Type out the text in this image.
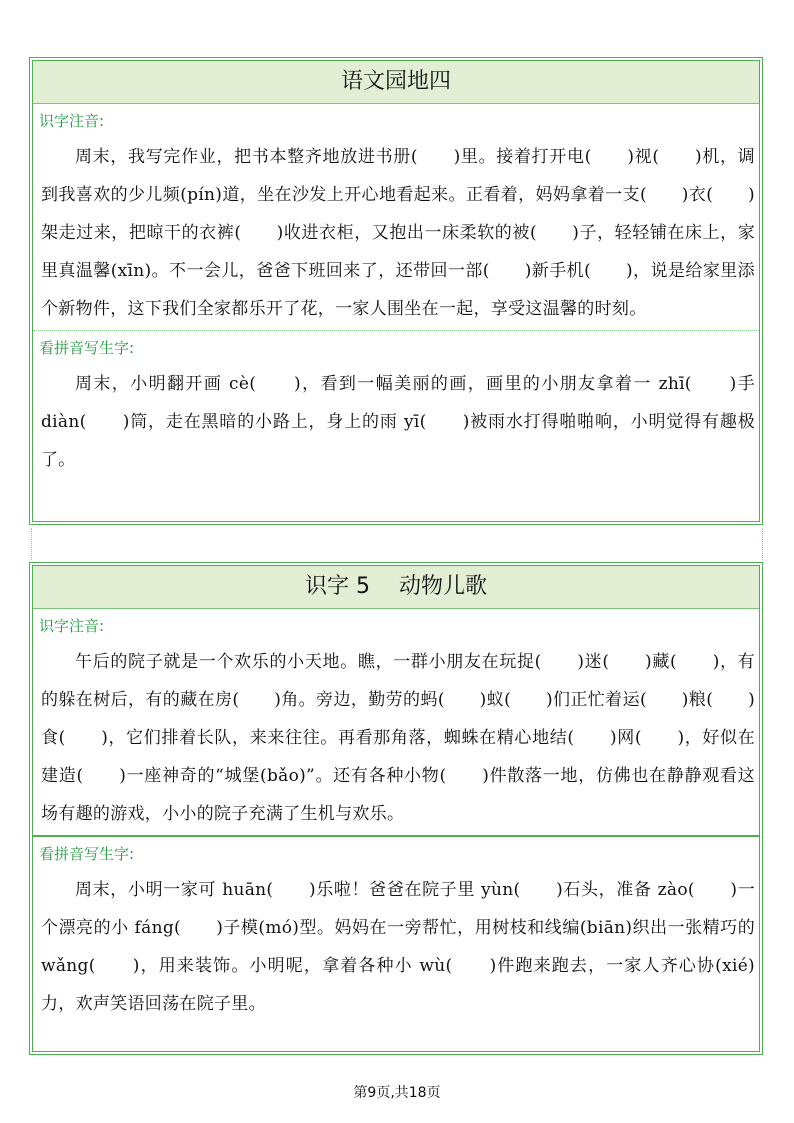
语文园地四
识字注音:
周末，我写完作业，把书本整齐地放进书册(　　)里。接着打开电(　　)视(　　)机，调到我喜欢的少儿频(pín)道，坐在沙发上开心地看起来。正看着，妈妈拿着一支(　　)衣(　　)架走过来，把晾干的衣裤(　　)收进衣柜，又抱出一床柔软的被(　　)子，轻轻铺在床上，家里真温馨(xīn)。不一会儿，爸爸下班回来了，还带回一部(　　)新手机(　　)，说是给家里添个新物件，这下我们全家都乐开了花，一家人围坐在一起，享受这温馨的时刻。
看拼音写生字:
周末，小明翻开画 cè(　　)，看到一幅美丽的画，画里的小朋友拿着一 zhī(　　)手 diàn(　　)筒，走在黑暗的小路上，身上的雨 yī(　　)被雨水打得啪啪响，小明觉得有趣极了。
识字 5　 动物儿歌
识字注音:
午后的院子就是一个欢乐的小天地。瞧，一群小朋友在玩捉(　　)迷(　　)藏(　　)，有的躲在树后，有的藏在房(　　)角。旁边，勤劳的蚂(　　)蚁(　　)们正忙着运(　　)粮(　　)食(　　)，它们排着长队，来来往往。再看那角落，蜘蛛在精心地结(　　)网(　　)，好似在建造(　　)一座神奇的“城堡(bǎo)”。还有各种小物(　　)件散落一地，仿佛也在静静观看这场有趣的游戏，小小的院子充满了生机与欢乐。
看拼音写生字:
周末，小明一家可 huān(　　)乐啦！爸爸在院子里 yùn(　　)石头，准备 zào(　　)一个漂亮的小 fáng(　　)子模(mó)型。妈妈在一旁帮忙，用树枝和线编(biān)织出一张精巧的 wǎng(　　)，用来装饰。小明呢，拿着各种小 wù(　　)件跑来跑去，一家人齐心协(xié)力，欢声笑语回荡在院子里。
第9页,共18页
